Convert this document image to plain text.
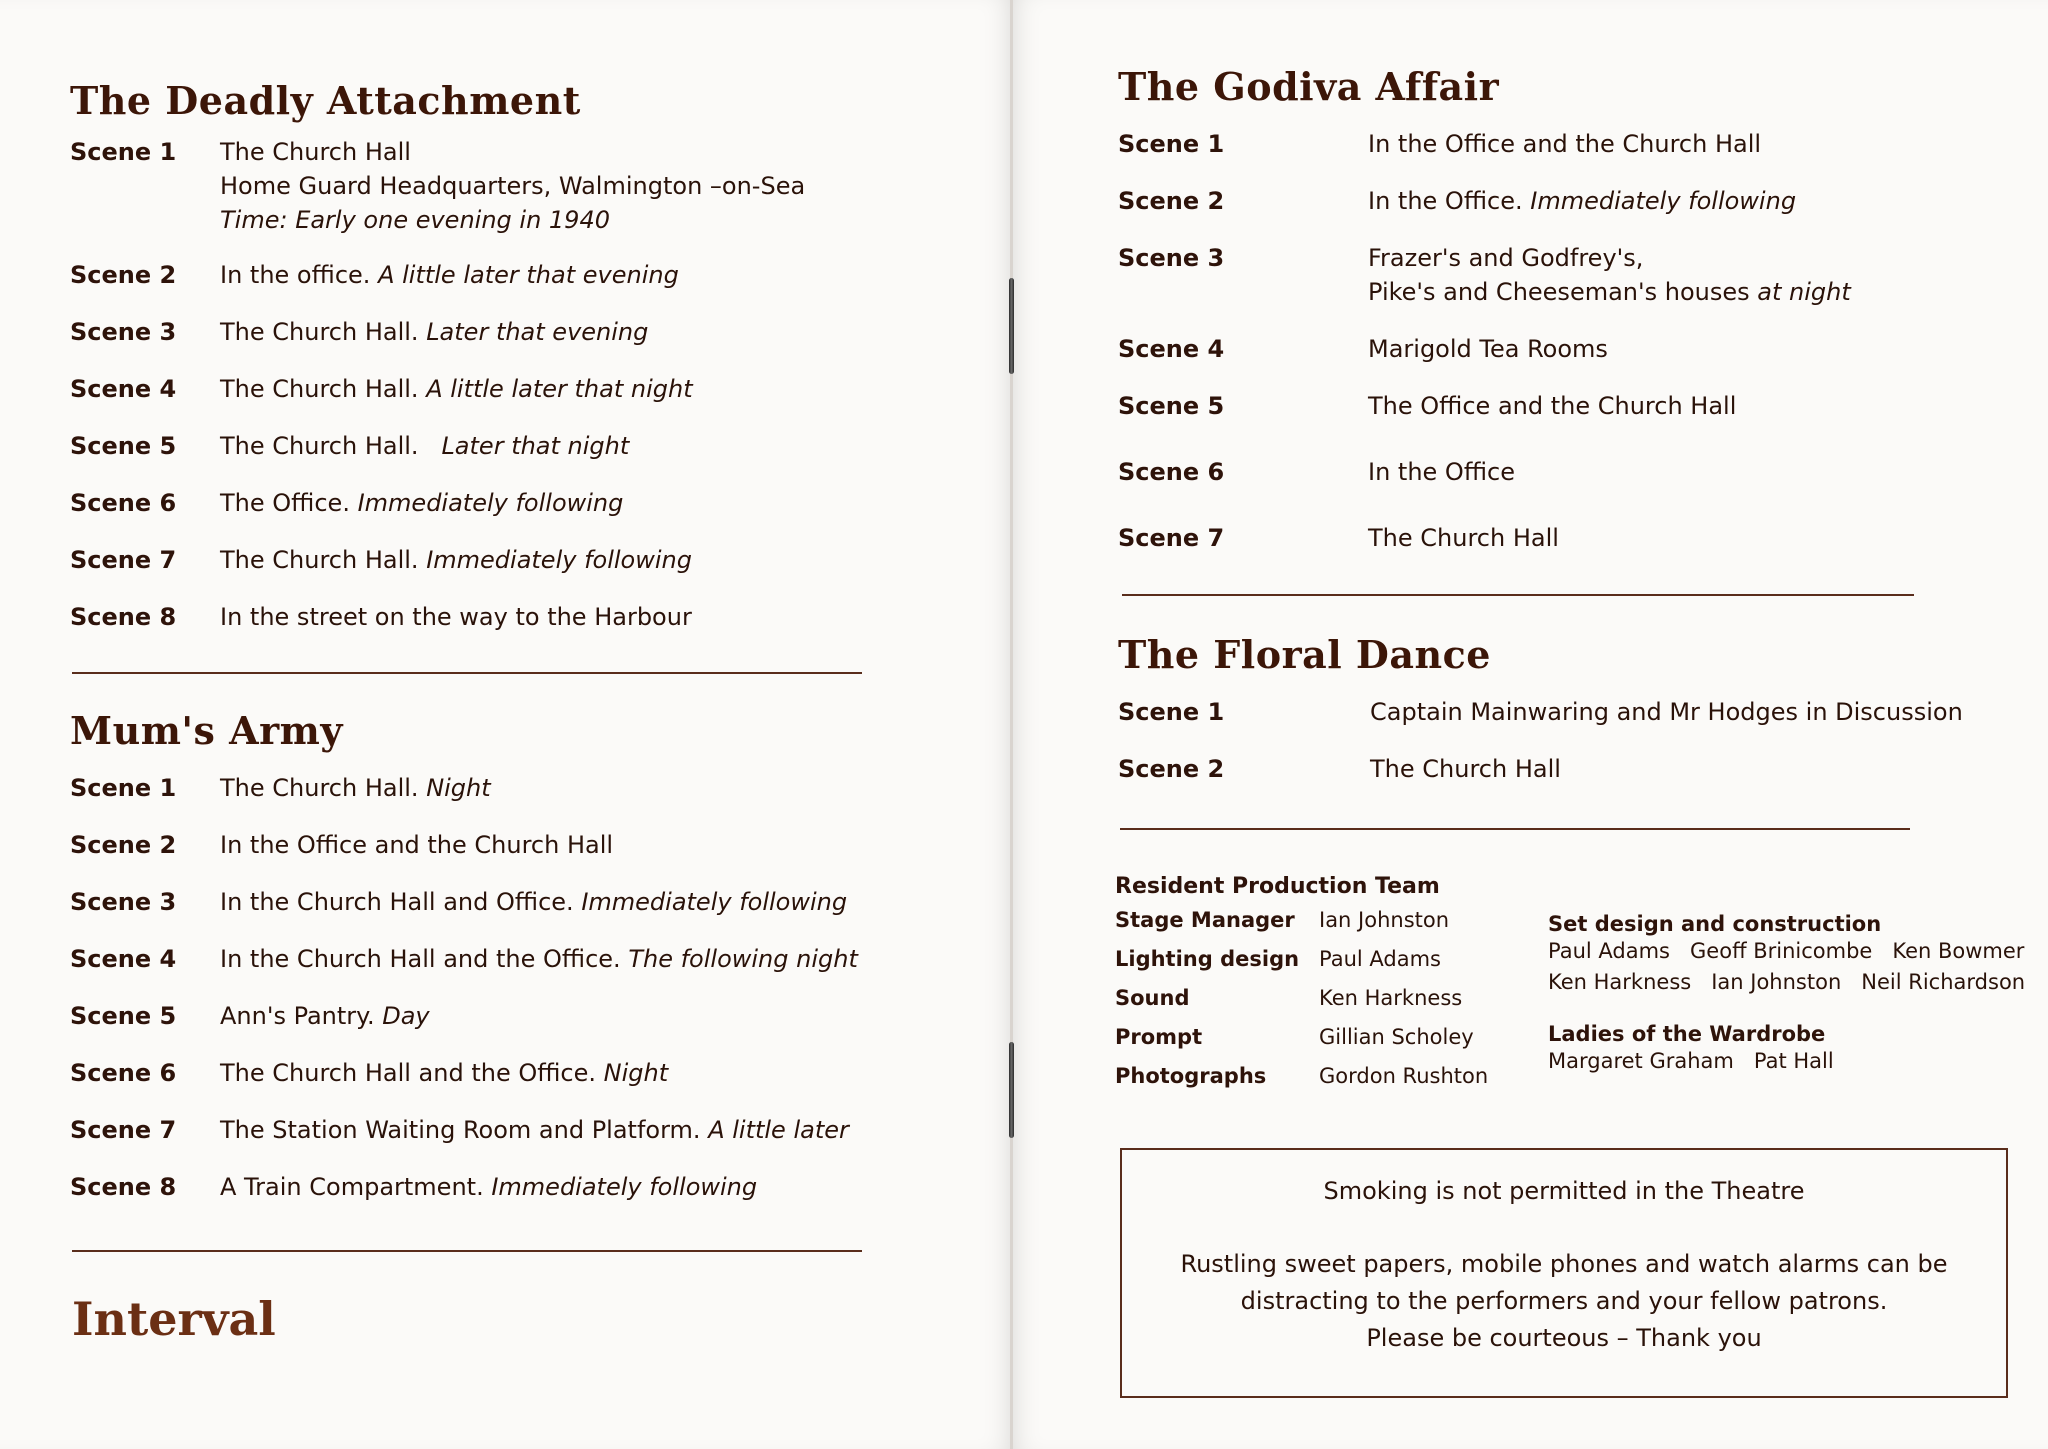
The Deadly Attachment
Scene 1	The Church Hall
Home Guard Headquarters, Walmington –on-Sea
Time: Early one evening in 1940
Scene 2	In the office. A little later that evening
Scene 3	The Church Hall. Later that evening
Scene 4	The Church Hall. A little later that night
Scene 5	The Church Hall. Later that night
Scene 6	The Office. Immediately following
Scene 7	The Church Hall. Immediately following
Scene 8	In the street on the way to the Harbour
Mum's Army
Scene 1	The Church Hall. Night
Scene 2	In the Office and the Church Hall
Scene 3	In the Church Hall and Office. Immediately following
Scene 4	In the Church Hall and the Office. The following night
Scene 5	Ann's Pantry. Day
Scene 6	The Church Hall and the Office. Night
Scene 7	The Station Waiting Room and Platform. A little later
Scene 8	A Train Compartment. Immediately following
Interval
The Godiva Affair
Scene 1	In the Office and the Church Hall
Scene 2	In the Office. Immediately following
Scene 3	Frazer's and Godfrey's,
Pike's and Cheeseman's houses at night
Scene 4	Marigold Tea Rooms
Scene 5	The Office and the Church Hall
Scene 6	In the Office
Scene 7	The Church Hall
The Floral Dance
Scene 1	Captain Mainwaring and Mr Hodges in Discussion
Scene 2	The Church Hall
Resident Production Team
Stage Manager	Ian Johnston
Lighting design Paul Adams
Sound	Ken Harkness
Prompt	Gillian Scholey
Photographs	Gordon Rushton
Set design and construction
Paul Adams   Geoff Brinicombe   Ken Bowmer
Ken Harkness   Ian Johnston   Neil Richardson
Ladies of the Wardrobe
Margaret Graham   Pat Hall
Smoking is not permitted in the Theatre
Rustling sweet papers, mobile phones and watch alarms can be
distracting to the performers and your fellow patrons.
Please be courteous – Thank you
